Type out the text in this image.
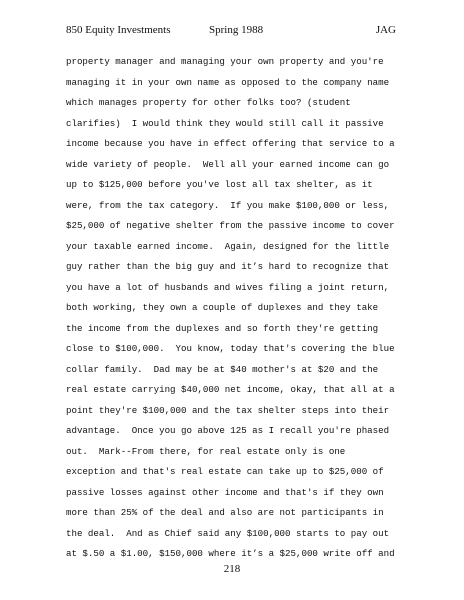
850 Equity Investments	Spring 1988	JAG
property manager and managing your own property and you're
managing it in your own name as opposed to the company name
which manages property for other folks too? (student
clarifies)  I would think they would still call it passive
income because you have in effect offering that service to a
wide variety of people.  Well all your earned income can go
up to $125,000 before you've lost all tax shelter, as it
were, from the tax category.  If you make $100,000 or less,
$25,000 of negative shelter from the passive income to cover
your taxable earned income.  Again, designed for the little
guy rather than the big guy and it’s hard to recognize that
you have a lot of husbands and wives filing a joint return,
both working, they own a couple of duplexes and they take
the income from the duplexes and so forth they're getting
close to $100,000.  You know, today that's covering the blue
collar family.  Dad may be at $40 mother's at $20 and the
real estate carrying $40,000 net income, okay, that all at a
point they're $100,000 and the tax shelter steps into their
advantage.  Once you go above 125 as I recall you're phased
out.  Mark--From there, for real estate only is one
exception and that's real estate can take up to $25,000 of
passive losses against other income and that's if they own
more than 25% of the deal and also are not participants in
the deal.  And as Chief said any $100,000 starts to pay out
at $.50 a $1.00, $150,000 where it’s a $25,000 write off and
218
